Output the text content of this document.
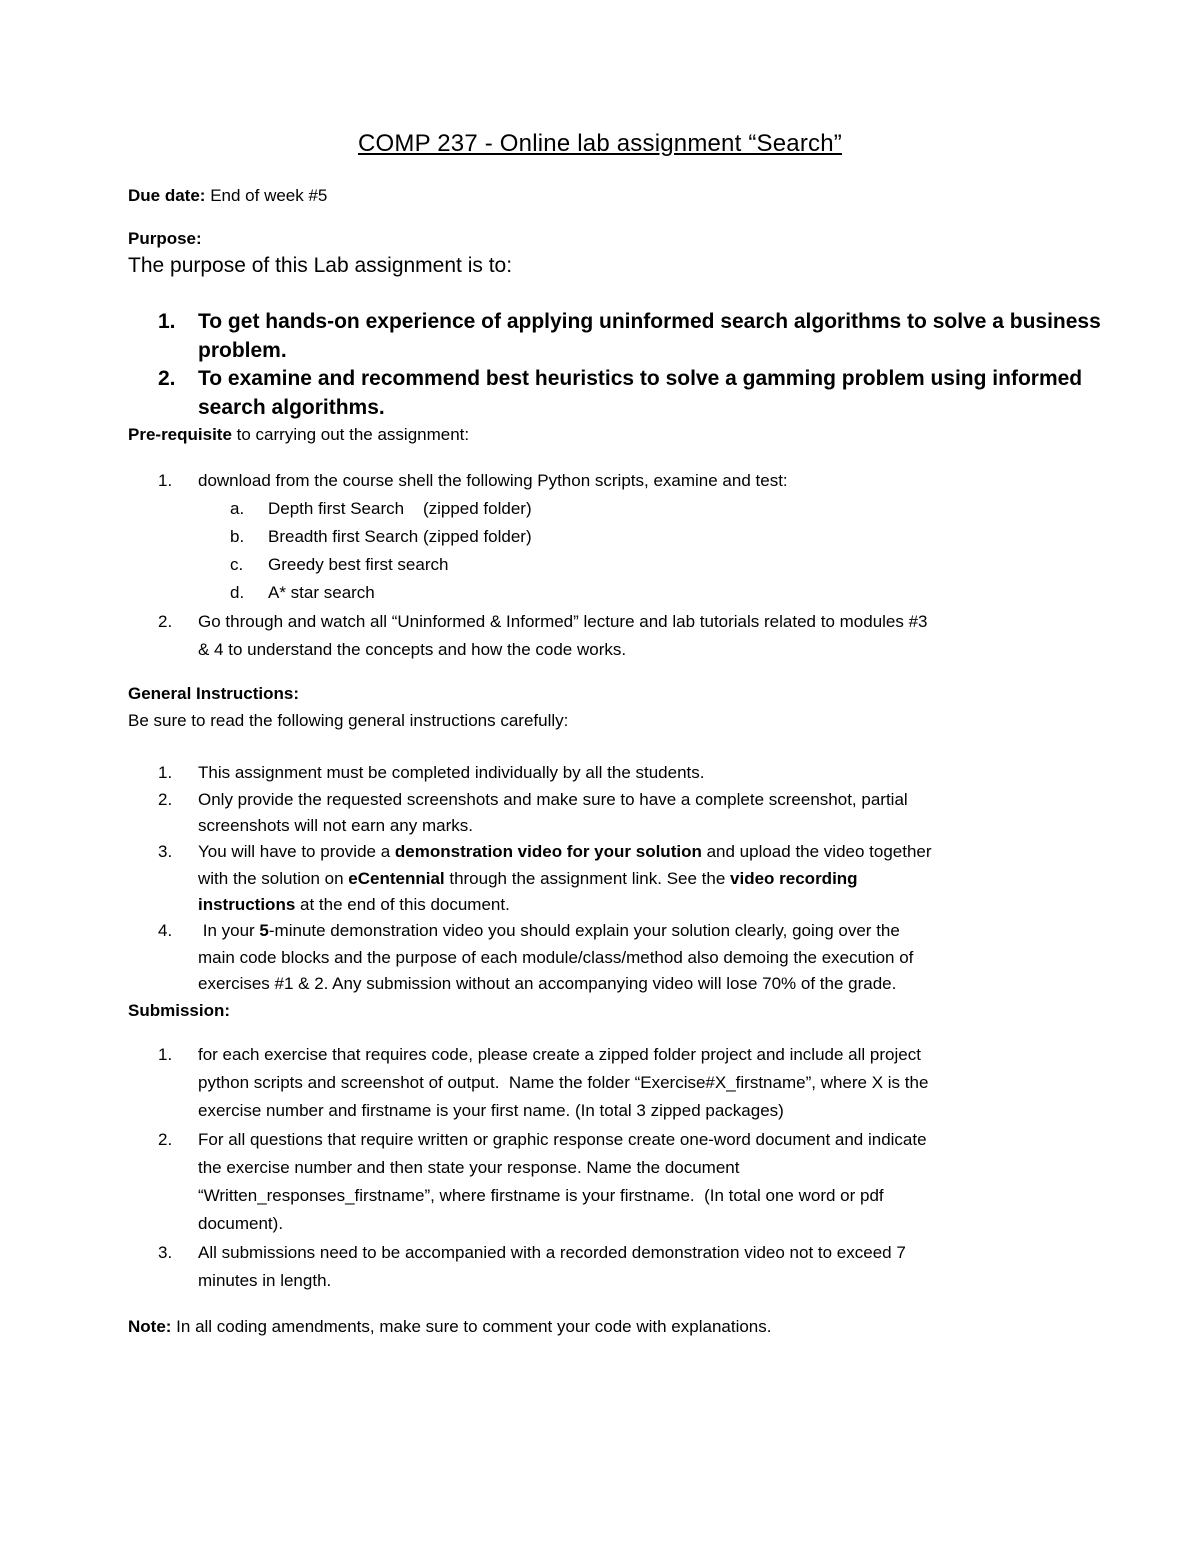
COMP 237 - Online lab assignment “Search”
Due date: End of week #5
Purpose:
The purpose of this Lab assignment is to:
1. To get hands-on experience of applying uninformed search algorithms to solve a business
problem.
2. To examine and recommend best heuristics to solve a gamming problem using informed
search algorithms.
Pre-requisite to carrying out the assignment:
1. download from the course shell the following Python scripts, examine and test:
a. Depth first Search    (zipped folder)
b. Breadth first Search (zipped folder)
c. Greedy best first search
d. A* star search
2. Go through and watch all “Uninformed & Informed” lecture and lab tutorials related to modules #3
& 4 to understand the concepts and how the code works.
General Instructions:
Be sure to read the following general instructions carefully:
1. This assignment must be completed individually by all the students.
2. Only provide the requested screenshots and make sure to have a complete screenshot, partial
screenshots will not earn any marks.
3. You will have to provide a demonstration video for your solution and upload the video together
with the solution on eCentennial through the assignment link. See the video recording
instructions at the end of this document.
4. In your 5-minute demonstration video you should explain your solution clearly, going over the
main code blocks and the purpose of each module/class/method also demoing the execution of
exercises #1 & 2. Any submission without an accompanying video will lose 70% of the grade.
Submission:
1. for each exercise that requires code, please create a zipped folder project and include all project
python scripts and screenshot of output.  Name the folder “Exercise#X_firstname”, where X is the
exercise number and firstname is your first name. (In total 3 zipped packages)
2. For all questions that require written or graphic response create one-word document and indicate
the exercise number and then state your response. Name the document
“Written_responses_firstname”, where firstname is your firstname.  (In total one word or pdf
document).
3. All submissions need to be accompanied with a recorded demonstration video not to exceed 7
minutes in length.
Note: In all coding amendments, make sure to comment your code with explanations.
